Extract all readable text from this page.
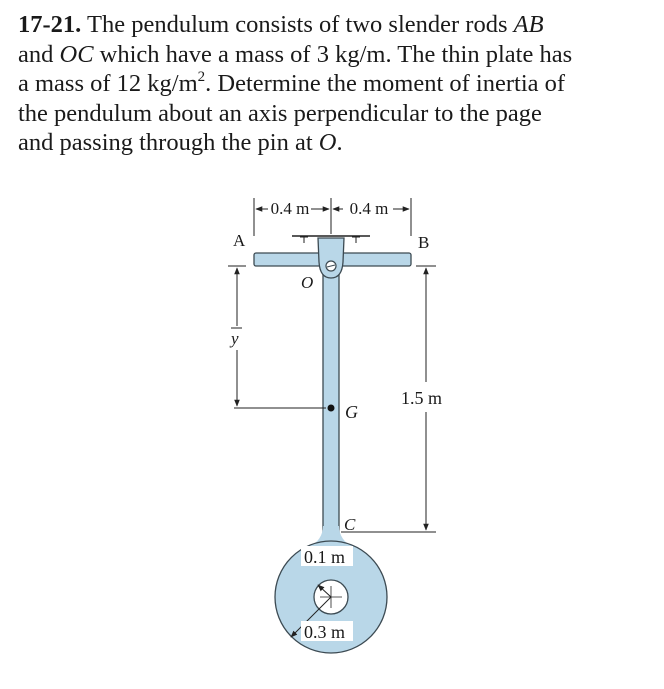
17-21. The pendulum consists of two slender rods AB
and OC which have a mass of 3 kg/m. The thin plate has
a mass of 12 $kg/m^2$. Determine the moment of inertia of
the pendulum about an axis perpendicular to the page
and passing through the pin at O.
0.4 m 0.4 m
A	B
O
0.1 m
0.3 m
C
G
y
1.5 m
